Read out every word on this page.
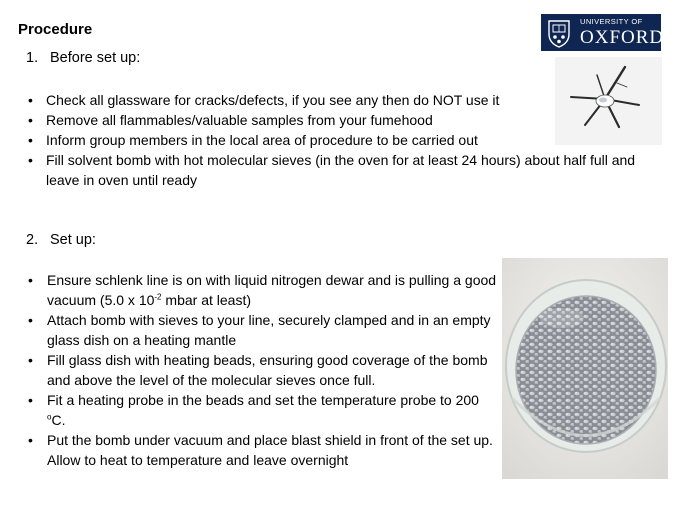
Procedure	UNIVERSITY OF
OXFORD
1. Before set up:
• Check all glassware for cracks/defects, if you see any then do NOT use it
• Remove all flammables/valuable samples from your fumehood
• Inform group members in the local area of procedure to be carried out
• Fill solvent bomb with hot molecular sieves (in the oven for at least 24 hours) about half full and leave in oven until ready
2. Set up:
• Ensure schlenk line is on with liquid nitrogen dewar and is pulling a good vacuum (5.0 x $10^{-2}$ mbar at least)
• Attach bomb with sieves to your line, securely clamped and in an empty glass dish on a heating mantle
• Fill glass dish with heating beads, ensuring good coverage of the bomb and above the level of the molecular sieves once full.
• Fit a heating probe in the beads and set the temperature probe to 200 $^o$C.
• Put the bomb under vacuum and place blast shield in front of the set up. Allow to heat to temperature and leave overnight
